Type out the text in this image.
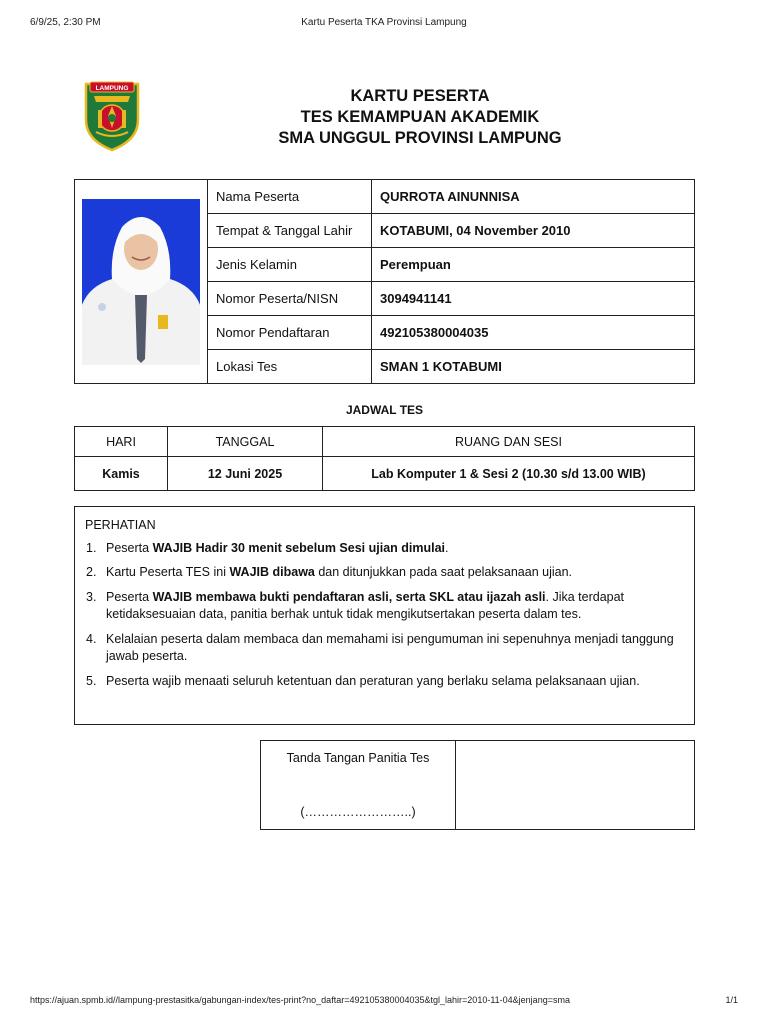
6/9/25, 2:30 PM	Kartu Peserta TKA Provinsi Lampung
LAMPUNG	KARTU PESERTA
TES KEMAMPUAN AKADEMIK
SMA UNGGUL PROVINSI LAMPUNG
	Nama Peserta	QURROTA AINUNNISA
	Tempat & Tanggal Lahir	KOTABUMI, 04 November 2010
	Jenis Kelamin	Perempuan
	Nomor Peserta/NISN	3094941141
	Nomor Pendaftaran	492105380004035
	Lokasi Tes	SMAN 1 KOTABUMI
JADWAL TES
HARI	TANGGAL	RUANG DAN SESI
Kamis	12 Juni 2025	Lab Komputer 1 & Sesi 2 (10.30 s/d 13.00 WIB)
PERHATIAN
1. Peserta WAJIB Hadir 30 menit sebelum Sesi ujian dimulai.
2. Kartu Peserta TES ini WAJIB dibawa dan ditunjukkan pada saat pelaksanaan ujian.
3. Peserta WAJIB membawa bukti pendaftaran asli, serta SKL atau ijazah asli. Jika terdapat ketidaksesuaian data, panitia berhak untuk tidak mengikutsertakan peserta dalam tes.
4. Kelalaian peserta dalam membaca dan memahami isi pengumuman ini sepenuhnya menjadi tanggung jawab peserta.
5. Peserta wajib menaati seluruh ketentuan dan peraturan yang berlaku selama pelaksanaan ujian.
Tanda Tangan Panitia Tes
(……………………..)
https://ajuan.spmb.id//lampung-prestasitka/gabungan-index/tes-print?no_daftar=492105380004035&tgl_lahir=2010-11-04&jenjang=sma	1/1
